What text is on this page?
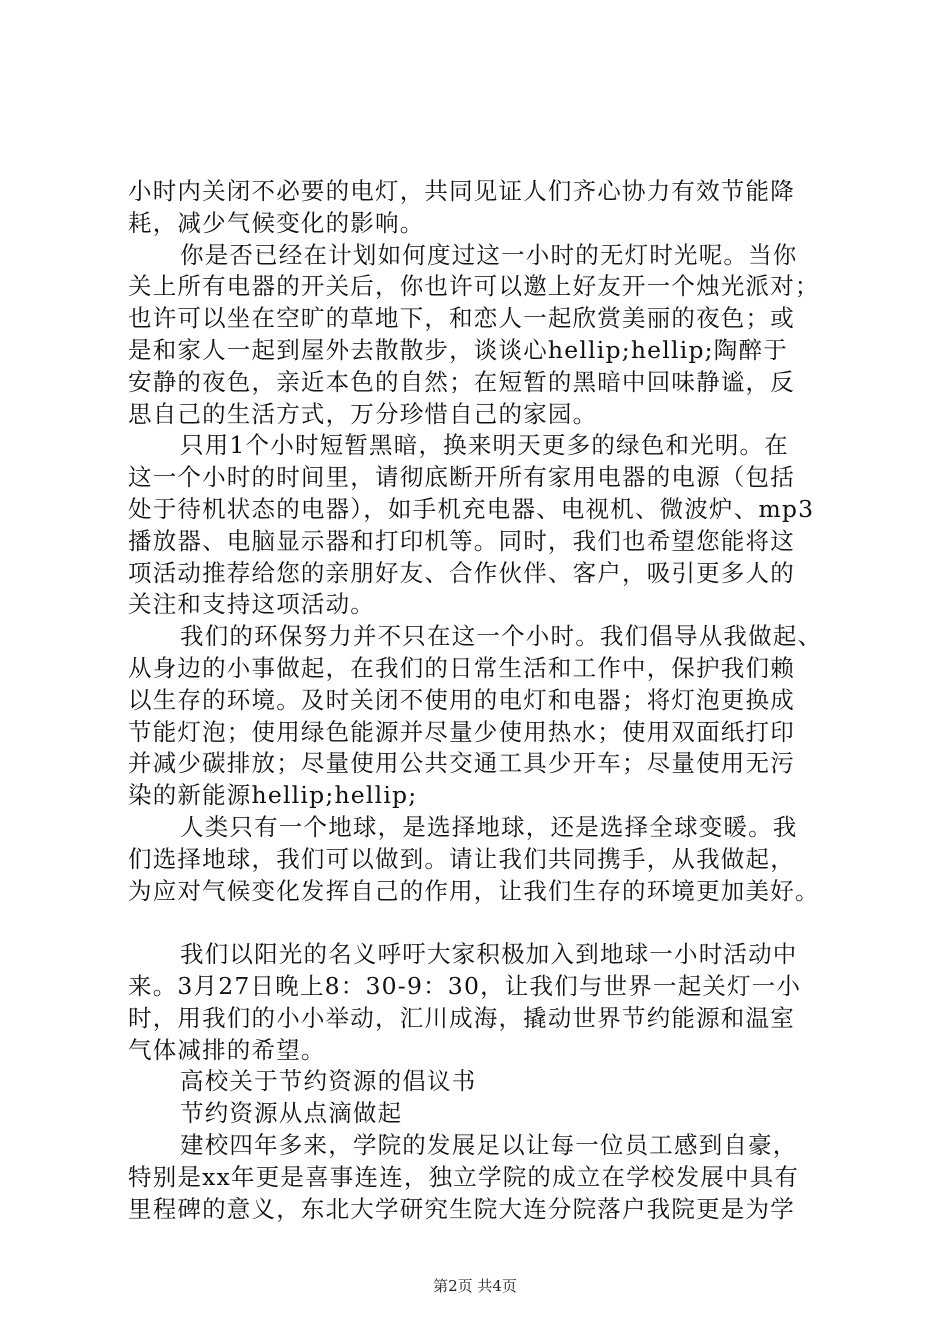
小时内关闭不必要的电灯，共同见证人们齐心协力有效节能降
耗，减少气候变化的影响。
你是否已经在计划如何度过这一小时的无灯时光呢。当你
关上所有电器的开关后，你也许可以邀上好友开一个烛光派对；
也许可以坐在空旷的草地下，和恋人一起欣赏美丽的夜色；或
是和家人一起到屋外去散散步，谈谈心hellip;hellip;陶醉于
安静的夜色，亲近本色的自然；在短暂的黑暗中回味静谧，反
思自己的生活方式，万分珍惜自己的家园。
只用1个小时短暂黑暗，换来明天更多的绿色和光明。在
这一个小时的时间里，请彻底断开所有家用电器的电源（包括
处于待机状态的电器），如手机充电器、电视机、微波炉、mp3
播放器、电脑显示器和打印机等。同时，我们也希望您能将这
项活动推荐给您的亲朋好友、合作伙伴、客户，吸引更多人的
关注和支持这项活动。
我们的环保努力并不只在这一个小时。我们倡导从我做起、
从身边的小事做起，在我们的日常生活和工作中，保护我们赖
以生存的环境。及时关闭不使用的电灯和电器；将灯泡更换成
节能灯泡；使用绿色能源并尽量少使用热水；使用双面纸打印
并减少碳排放；尽量使用公共交通工具少开车；尽量使用无污
染的新能源hellip;hellip;
人类只有一个地球，是选择地球，还是选择全球变暖。我
们选择地球，我们可以做到。请让我们共同携手，从我做起，
为应对气候变化发挥自己的作用，让我们生存的环境更加美好。
我们以阳光的名义呼吁大家积极加入到地球一小时活动中
来。3月27日晚上8：30-9：30，让我们与世界一起关灯一小
时，用我们的小小举动，汇川成海，撬动世界节约能源和温室
气体减排的希望。
高校关于节约资源的倡议书
节约资源从点滴做起
建校四年多来，学院的发展足以让每一位员工感到自豪，
特别是xx年更是喜事连连，独立学院的成立在学校发展中具有
里程碑的意义，东北大学研究生院大连分院落户我院更是为学
第2页 共4页
